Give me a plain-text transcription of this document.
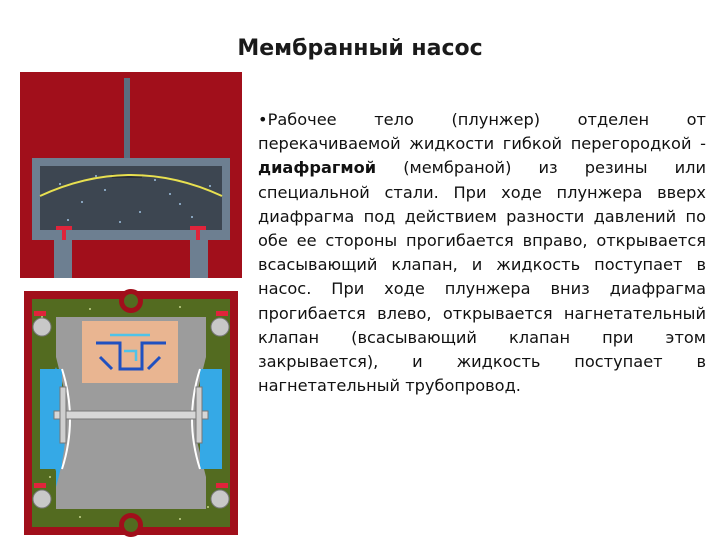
Мембранный насос

•Рабочее тело (плунжер) отделен от перекачиваемой жидкости гибкой перегородкой - диафрагмой (мембраной) из резины или специальной стали. При ходе плунжера вверх диафрагма под действием разности давлений по обе ее стороны прогибается вправо, открывается всасывающий клапан, и жидкость поступает в насос. При ходе плунжера вниз диафрагма прогибается влево, открывается нагнетательный клапан (всасывающий клапан при этом закрывается), и жидкость поступает в нагнетательный трубопровод.
